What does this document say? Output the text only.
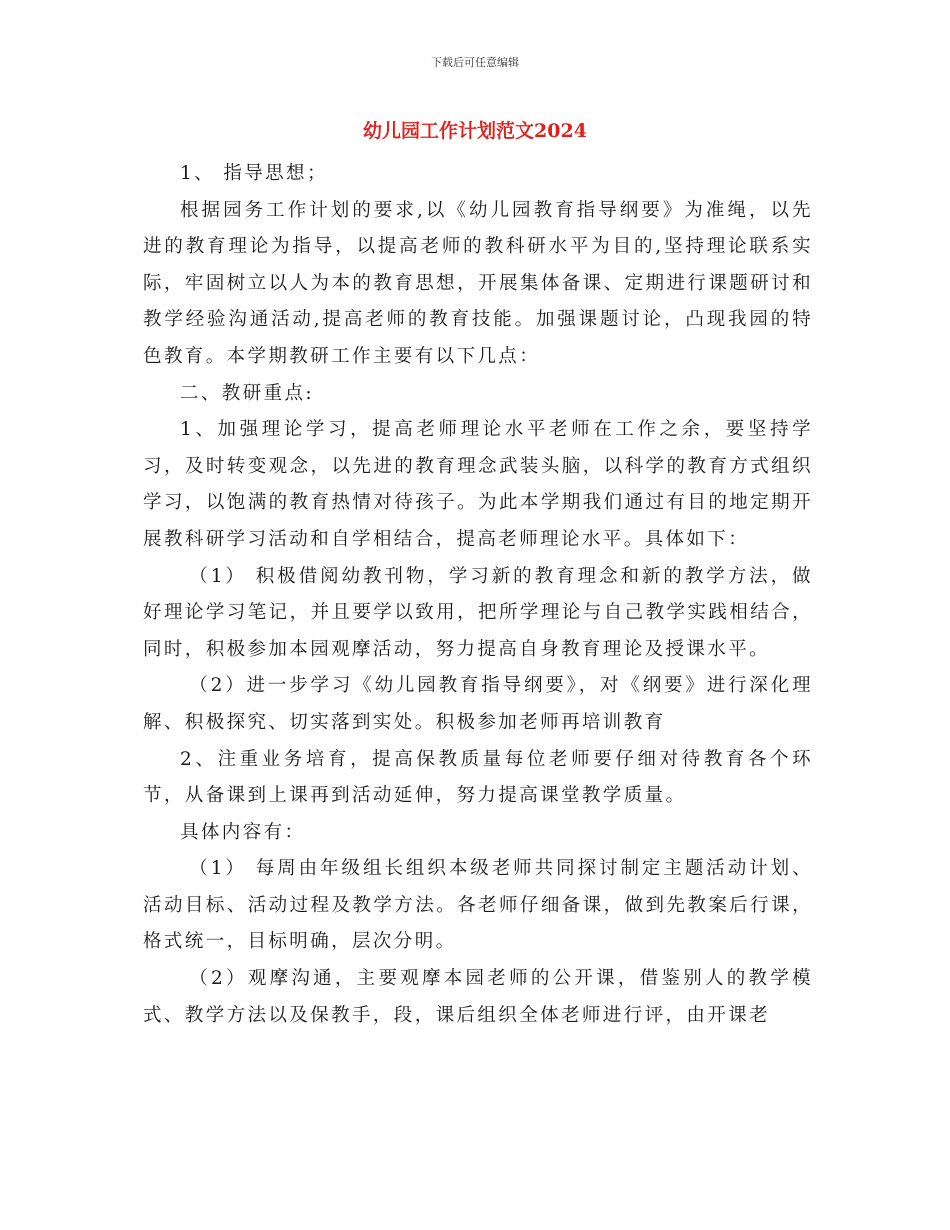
下载后可任意编辑
幼儿园工作计划范文2024

1、 指导思想；

根据园务工作计划的要求,以《幼儿园教育指导纲要》为准绳，以先进的教育理论为指导，以提高老师的教科研水平为目的,坚持理论联系实际，牢固树立以人为本的教育思想，开展集体备课、定期进行课题研讨和教学经验沟通活动,提高老师的教育技能。加强课题讨论，凸现我园的特色教育。本学期教研工作主要有以下几点：

二、教研重点:

1、加强理论学习，提高老师理论水平老师在工作之余，要坚持学习，及时转变观念，以先进的教育理念武装头脑，以科学的教育方式组织学习，以饱满的教育热情对待孩子。为此本学期我们通过有目的地定期开展教科研学习活动和自学相结合，提高老师理论水平。具体如下：

（1） 积极借阅幼教刊物，学习新的教育理念和新的教学方法，做好理论学习笔记，并且要学以致用，把所学理论与自己教学实践相结合，同时，积极参加本园观摩活动，努力提高自身教育理论及授课水平。

（2）进一步学习《幼儿园教育指导纲要》，对《纲要》进行深化理解、积极探究、切实落到实处。积极参加老师再培训教育

2、注重业务培育，提高保教质量每位老师要仔细对待教育各个环节，从备课到上课再到活动延伸，努力提高课堂教学质量。

具体内容有：

（1） 每周由年级组长组织本级老师共同探讨制定主题活动计划、活动目标、活动过程及教学方法。各老师仔细备课，做到先教案后行课，格式统一，目标明确，层次分明。

（2）观摩沟通，主要观摩本园老师的公开课，借鉴别人的教学模式、教学方法以及保教手，段，课后组织全体老师进行评，由开课老
